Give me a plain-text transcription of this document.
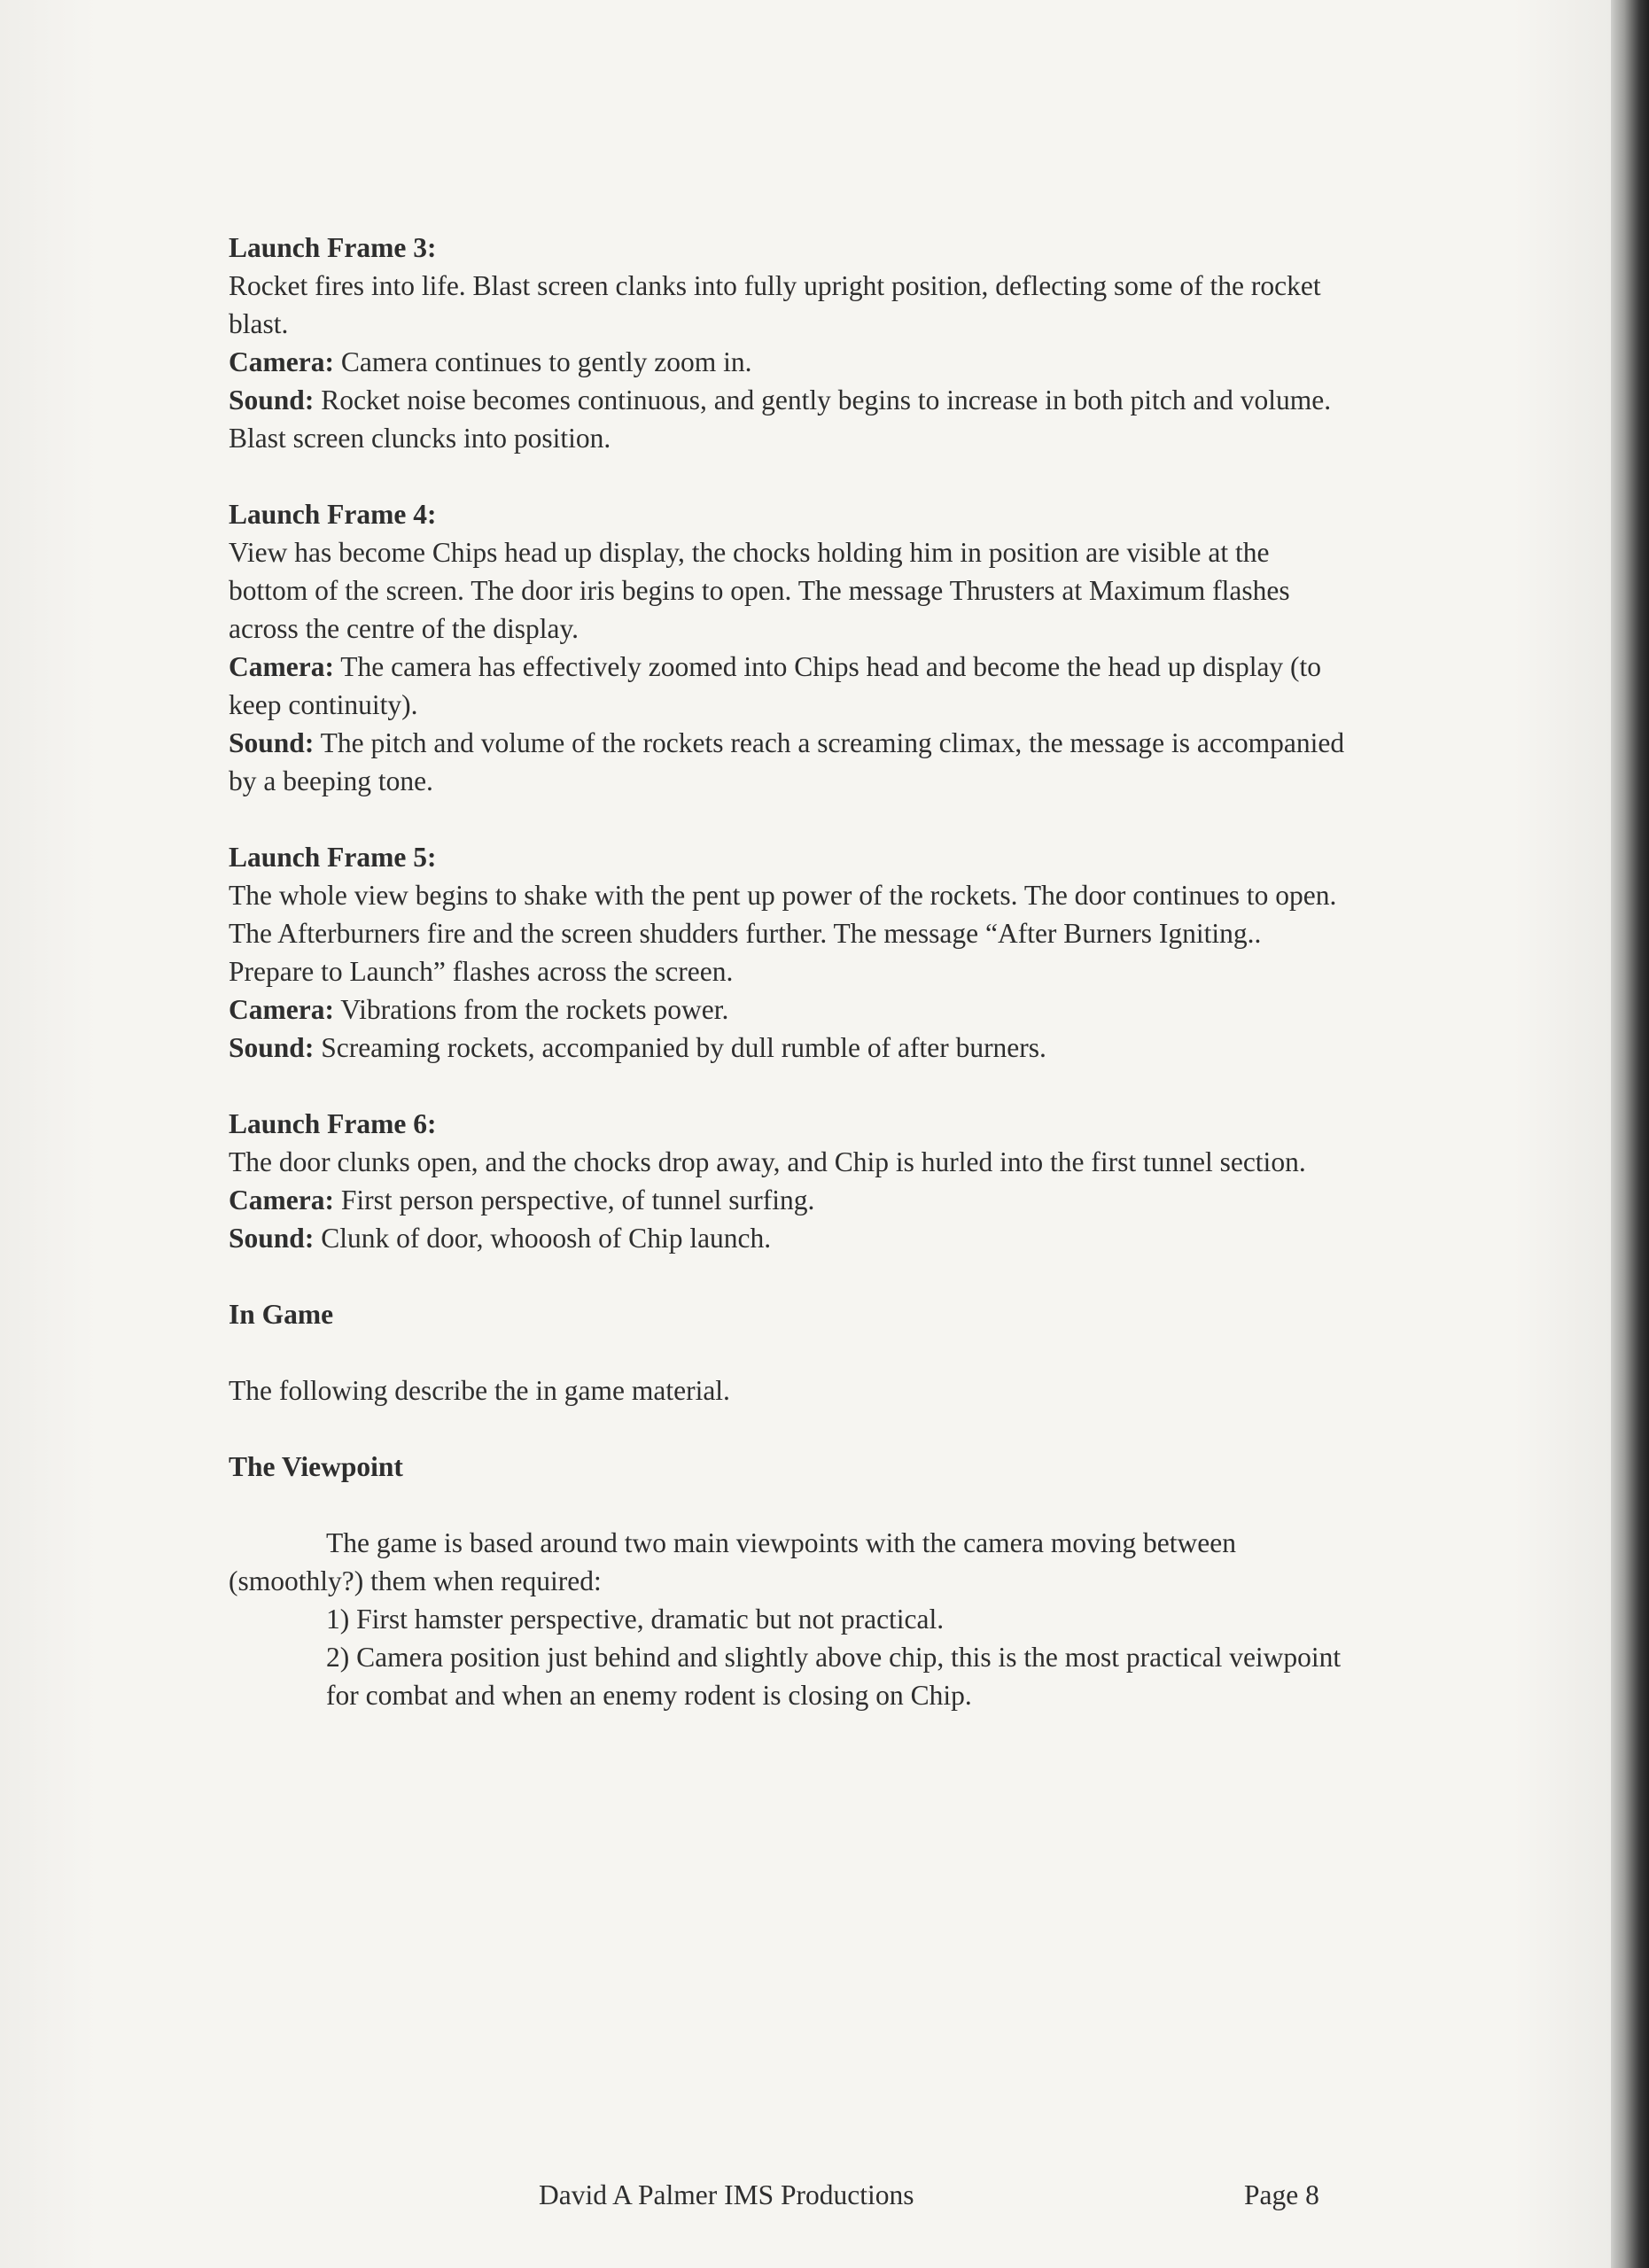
Launch Frame 3:
Rocket fires into life. Blast screen clanks into fully upright position, deflecting some of the rocket blast.
Camera: Camera continues to gently zoom in.
Sound: Rocket noise becomes continuous, and gently begins to increase in both pitch and volume. Blast screen cluncks into position.
Launch Frame 4:
View has become Chips head up display, the chocks holding him in position are visible at the bottom of the screen. The door iris begins to open. The message Thrusters at Maximum flashes across the centre of the display.
Camera: The camera has effectively zoomed into Chips head and become the head up display (to keep continuity).
Sound: The pitch and volume of the rockets reach a screaming climax, the message is accompanied by a beeping tone.
Launch Frame 5:
The whole view begins to shake with the pent up power of the rockets. The door continues to open. The Afterburners fire and the screen shudders further. The message “After Burners Igniting.. Prepare to Launch” flashes across the screen.
Camera: Vibrations from the rockets power.
Sound: Screaming rockets, accompanied by dull rumble of after burners.
Launch Frame 6:
The door clunks open, and the chocks drop away, and Chip is hurled into the first tunnel section.
Camera: First person perspective, of tunnel surfing.
Sound: Clunk of door, whooosh of Chip launch.
In Game
The following describe the in game material.
The Viewpoint
The game is based around two main viewpoints with the camera moving between (smoothly?) them when required:
1) First hamster perspective, dramatic but not practical.
2) Camera position just behind and slightly above chip, this is the most practical veiwpoint for combat and when an enemy rodent is closing on Chip.
David A Palmer IMS Productions	Page 8
